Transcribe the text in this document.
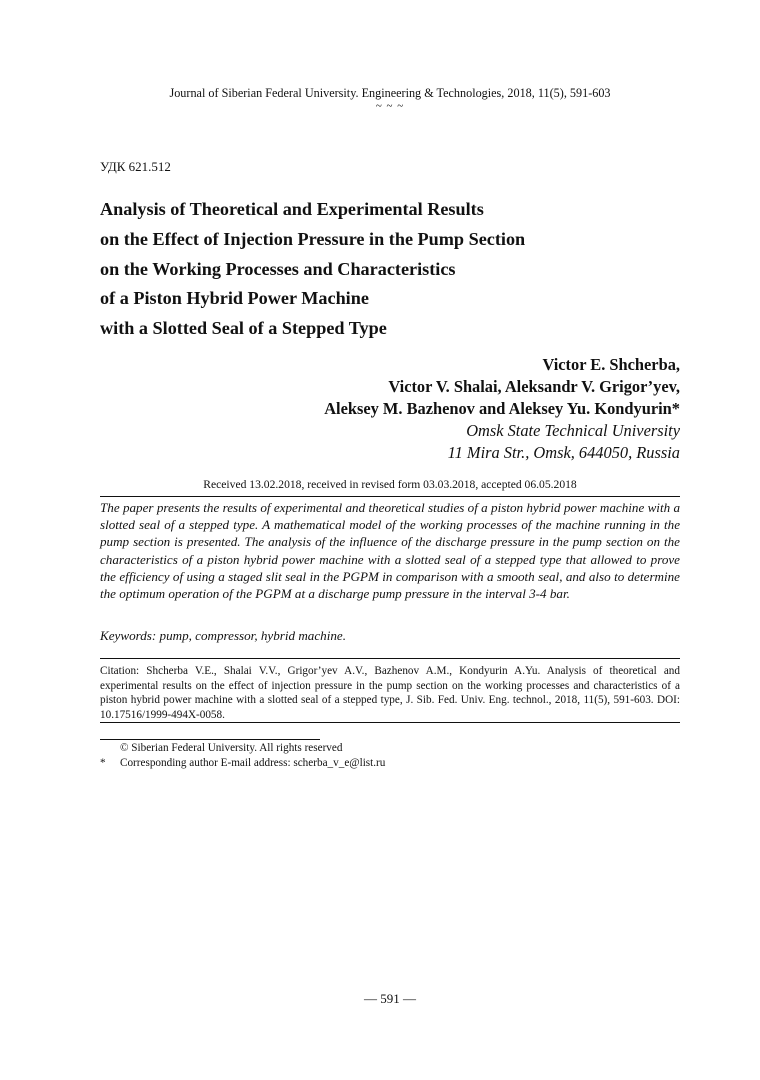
Journal of Siberian Federal University. Engineering & Technologies, 2018, 11(5), 591-603
~ ~ ~
УДК 621.512
Analysis of Theoretical and Experimental Results
on the Effect of Injection Pressure in the Pump Section
on the Working Processes and Characteristics
of a Piston Hybrid Power Machine
with a Slotted Seal of a Stepped Type
Victor E. Shcherba,
Victor V. Shalai, Aleksandr V. Grigor’yev,
Aleksey M. Bazhenov and Aleksey Yu. Kondyurin*
Omsk State Technical University
11 Mira Str., Omsk, 644050, Russia
Received 13.02.2018, received in revised form 03.03.2018, accepted 06.05.2018
The paper presents the results of experimental and theoretical studies of a piston hybrid power machine with a slotted seal of a stepped type. A mathematical model of the working processes of the machine running in the pump section is presented. The analysis of the influence of the discharge pressure in the pump section on the characteristics of a piston hybrid power machine with a slotted seal of a stepped type that allowed to prove the efficiency of using a staged slit seal in the PGPM in comparison with a smooth seal, and also to determine the optimum operation of the PGPM at a discharge pump pressure in the interval 3-4 bar.
Keywords: pump, compressor, hybrid machine.
Citation: Shcherba V.E., Shalai V.V., Grigor’yev A.V., Bazhenov A.M., Kondyurin A.Yu. Analysis of theoretical and experimental results on the effect of injection pressure in the pump section on the working processes and characteristics of a piston hybrid power machine with a slotted seal of a stepped type, J. Sib. Fed. Univ. Eng. technol., 2018, 11(5), 591-603. DOI: 10.17516/1999-494X-0058.
© Siberian Federal University. All rights reserved
* Corresponding author E-mail address: scherba_v_e@list.ru
― 591 ―
